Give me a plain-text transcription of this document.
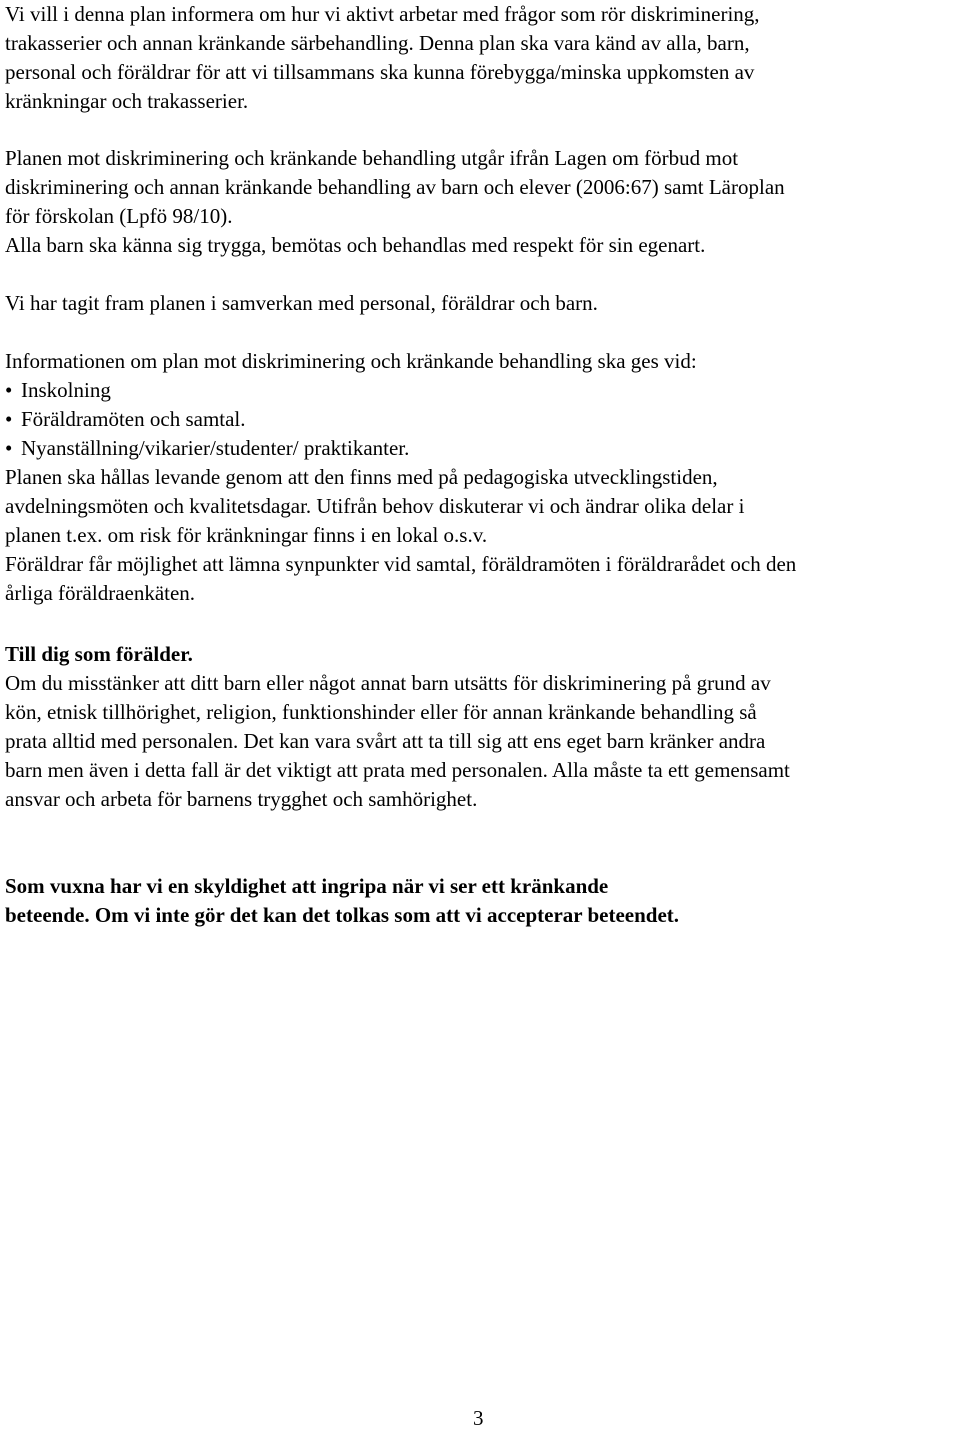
Vi vill i denna plan informera om hur vi aktivt arbetar med frågor som rör diskriminering,
trakasserier och annan kränkande särbehandling. Denna plan ska vara känd av alla, barn,
personal och föräldrar för att vi tillsammans ska kunna förebygga/minska uppkomsten av
kränkningar och trakasserier.
Planen mot diskriminering och kränkande behandling utgår ifrån Lagen om förbud mot
diskriminering och annan kränkande behandling av barn och elever (2006:67) samt Läroplan
för förskolan (Lpfö 98/10).
Alla barn ska känna sig trygga, bemötas och behandlas med respekt för sin egenart.
Vi har tagit fram planen i samverkan med personal, föräldrar och barn.
Informationen om plan mot diskriminering och kränkande behandling ska ges vid:
• Inskolning
• Föräldramöten och samtal.
• Nyanställning/vikarier/studenter/ praktikanter.
Planen ska hållas levande genom att den finns med på pedagogiska utvecklingstiden,
avdelningsmöten och kvalitetsdagar. Utifrån behov diskuterar vi och ändrar olika delar i
planen t.ex. om risk för kränkningar finns i en lokal o.s.v.
Föräldrar får möjlighet att lämna synpunkter vid samtal, föräldramöten i föräldrarådet och den
årliga föräldraenkäten.
Till dig som förälder.
Om du misstänker att ditt barn eller något annat barn utsätts för diskriminering på grund av
kön, etnisk tillhörighet, religion, funktionshinder eller för annan kränkande behandling så
prata alltid med personalen. Det kan vara svårt att ta till sig att ens eget barn kränker andra
barn men även i detta fall är det viktigt att prata med personalen. Alla måste ta ett gemensamt
ansvar och arbeta för barnens trygghet och samhörighet.
Som vuxna har vi en skyldighet att ingripa när vi ser ett kränkande
beteende. Om vi inte gör det kan det tolkas som att vi accepterar beteendet.
3
